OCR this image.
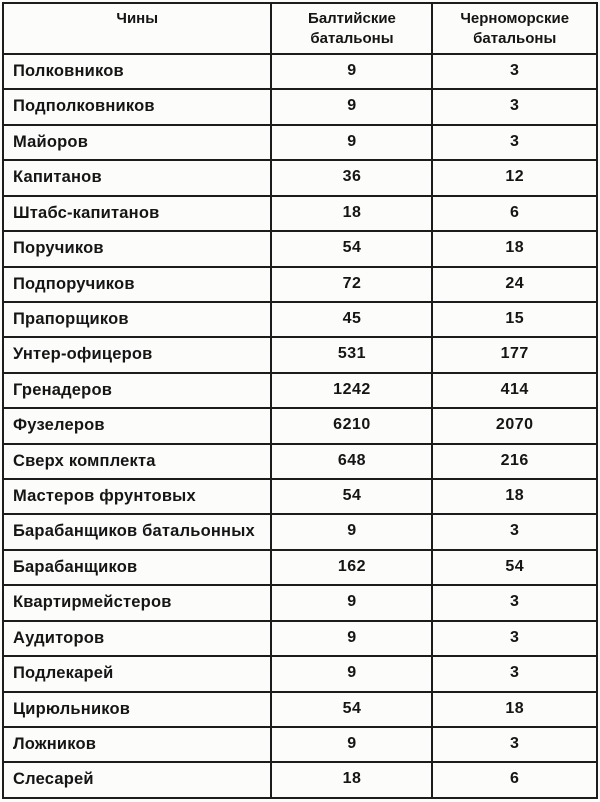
Чины	Балтийские батальоны	Черноморские батальоны
Полковников	9	3
Подполковников	9	3
Майоров	9	3
Капитанов	36	12
Штабс-капитанов	18	6
Поручиков	54	18
Подпоручиков	72	24
Прапорщиков	45	15
Унтер-офицеров	531	177
Гренадеров	1242	414
Фузелеров	6210	2070
Сверх комплекта	648	216
Мастеров фрунтовых	54	18
Барабанщиков батальонных	9	3
Барабанщиков	162	54
Квартирмейстеров	9	3
Аудиторов	9	3
Подлекарей	9	3
Цирюльников	54	18
Ложников	9	3
Слесарей	18	6
